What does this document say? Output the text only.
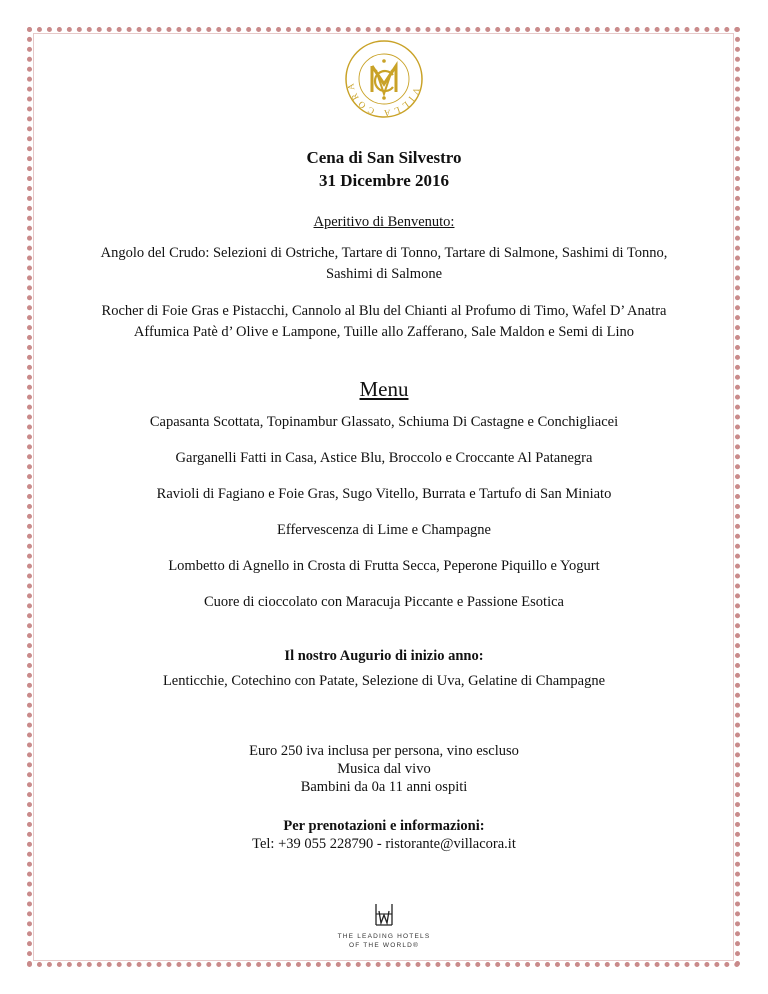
VILLA CORA
Cena di San Silvestro
31 Dicembre 2016
Aperitivo di Benvenuto:
Angolo del Crudo: Selezioni di Ostriche, Tartare di Tonno, Tartare di Salmone, Sashimi di Tonno,
Sashimi di Salmone
Rocher di Foie Gras e Pistacchi, Cannolo al Blu del Chianti al Profumo di Timo, Wafel D’ Anatra
Affumica Patè d’ Olive e Lampone, Tuille allo Zafferano, Sale Maldon e Semi di Lino
Menu
Capasanta Scottata, Topinambur Glassato, Schiuma Di Castagne e Conchigliacei
Garganelli Fatti in Casa, Astice Blu, Broccolo e Croccante Al Patanegra
Ravioli di Fagiano e Foie Gras, Sugo Vitello, Burrata e Tartufo di San Miniato
Effervescenza di Lime e Champagne
Lombetto di Agnello in Crosta di Frutta Secca, Peperone Piquillo e Yogurt
Cuore di cioccolato con Maracuja Piccante e Passione Esotica
Il nostro Augurio di inizio anno:
Lenticchie, Cotechino con Patate, Selezione di Uva, Gelatine di Champagne
Euro 250 iva inclusa per persona, vino escluso
Musica dal vivo
Bambini da 0a 11 anni ospiti
Per prenotazioni e informazioni:
Tel: +39 055 228790 - ristorante@villacora.it
THE LEADING HOTELS
OF THE WORLD®
